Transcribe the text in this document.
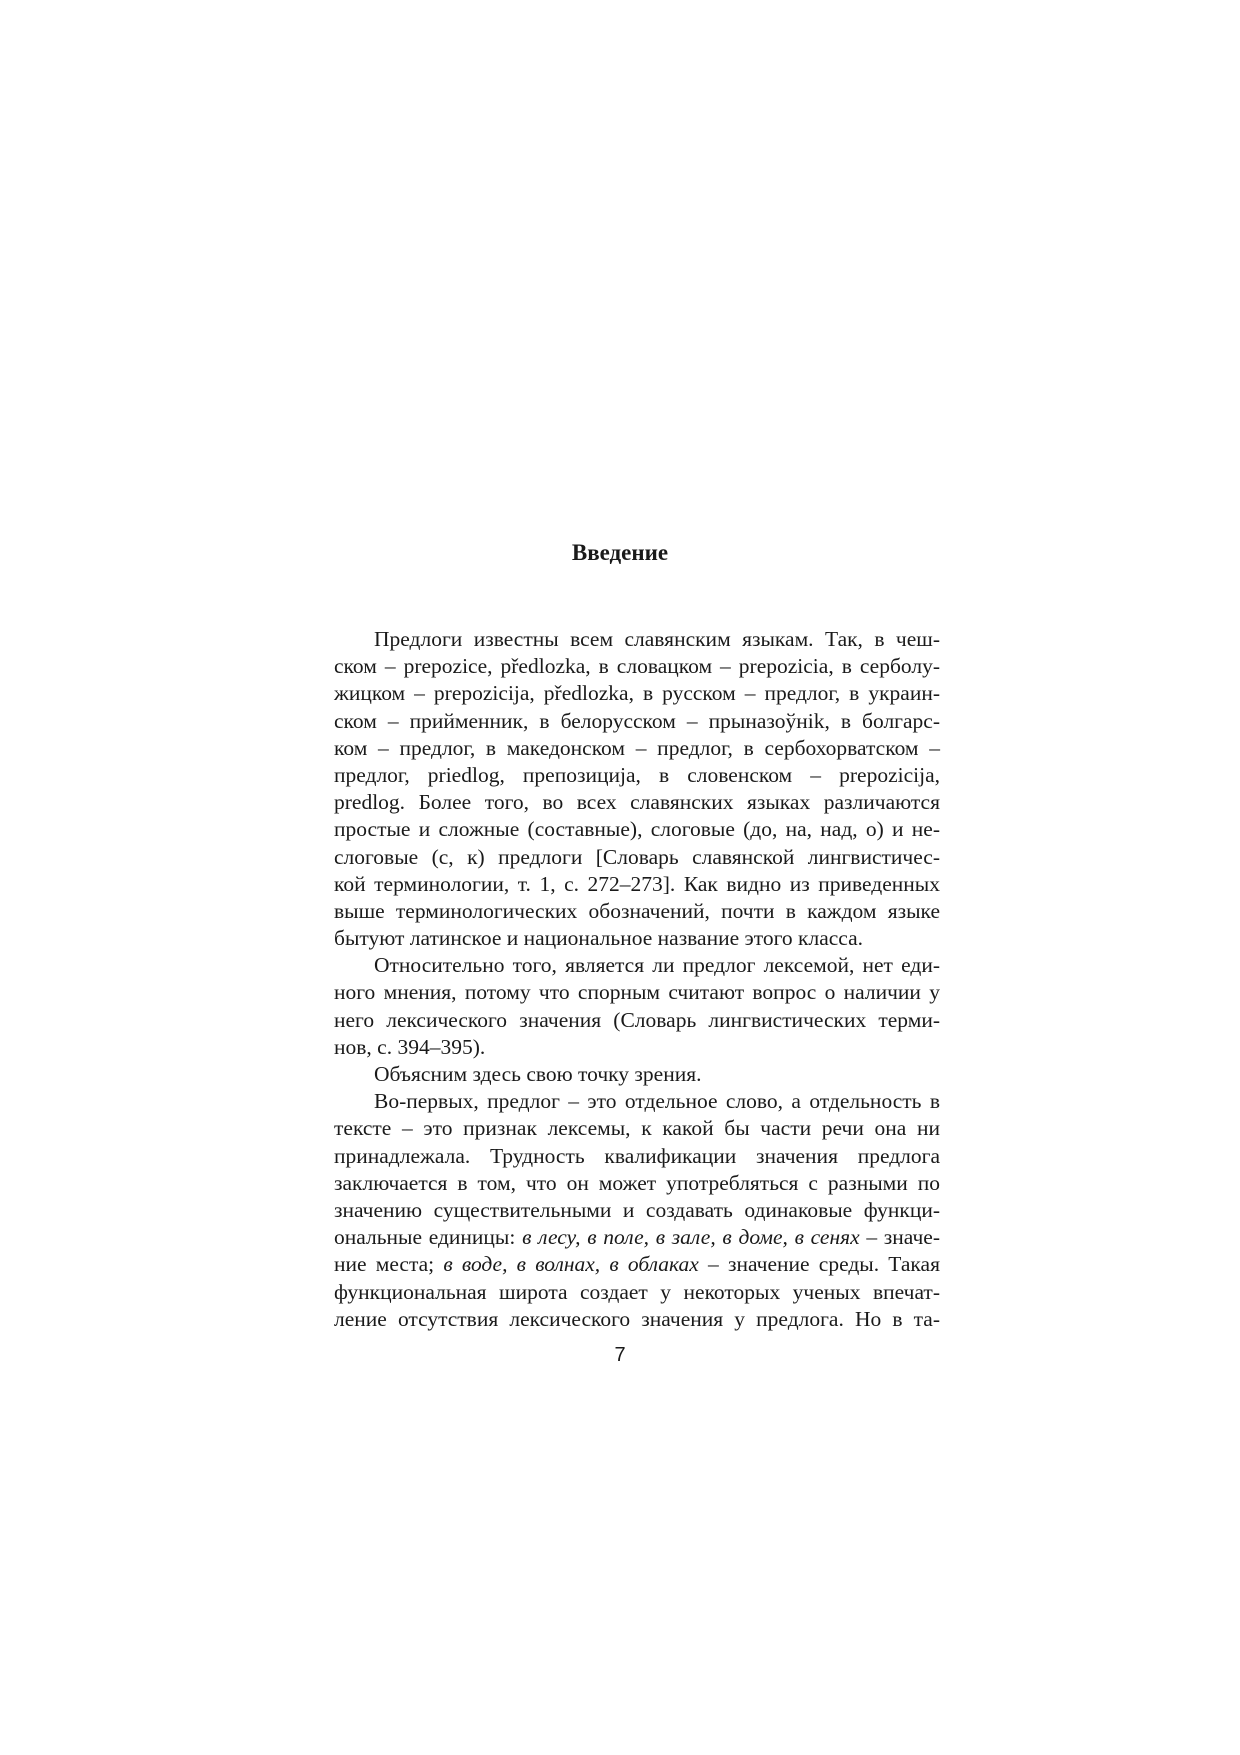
Введение
Предлоги известны всем славянским языкам. Так, в чеш-
ском – prepozice, předlozka, в словацком – prepozicia, в серболу-
жицком – prepozicija, předlozka, в русском – предлог, в украин-
ском – прийменник, в белорусском – прыназоўнik, в болгарс-
ком – предлог, в македонском – предлог, в сербохорватском –
предлог, priedlog, препозиција, в словенском – prepozicija,
predlog. Более того, во всех славянских языках различаются
простые и сложные (составные), слоговые (до, на, над, о) и не-
слоговые (с, к) предлоги [Словарь славянской лингвистичес-
кой терминологии, т. 1, с. 272–273]. Как видно из приведенных
выше терминологических обозначений, почти в каждом языке
бытуют латинское и национальное название этого класса.
Относительно того, является ли предлог лексемой, нет еди-
ного мнения, потому что спорным считают вопрос о наличии у
него лексического значения (Словарь лингвистических терми-
нов, с. 394–395).
Объясним здесь свою точку зрения.
Во-первых, предлог – это отдельное слово, а отдельность в
тексте – это признак лексемы, к какой бы части речи она ни
принадлежала. Трудность квалификации значения предлога
заключается в том, что он может употребляться с разными по
значению существительными и создавать одинаковые функци-
ональные единицы: в лесу, в поле, в зале, в доме, в сенях – значе-
ние места; в воде, в волнах, в облаках – значение среды. Такая
функциональная широта создает у некоторых ученых впечат-
ление отсутствия лексического значения у предлога. Но в та-
7
